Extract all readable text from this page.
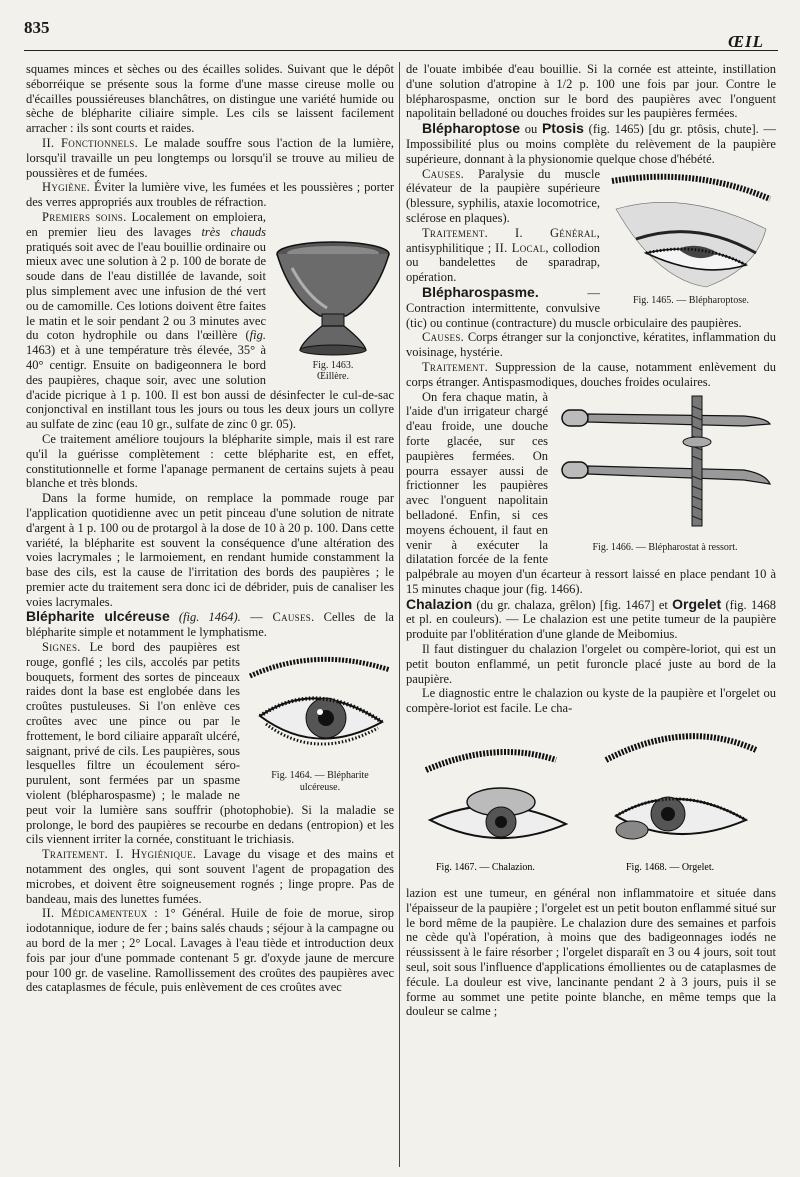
835
ŒIL

squames minces et sèches ou des écailles solides. Suivant que le dépôt séborréique se présente sous la forme d'une masse cireuse molle ou d'écailles poussiéreuses blanchâtres, on distingue une variété humide ou sèche de blépharite ciliaire simple. Les cils se laissent facilement arracher : ils sont courts et raides.

II. Fonctionnels. Le malade souffre sous l'action de la lumière, lorsqu'il travaille un peu longtemps ou lorsqu'il se trouve au milieu de poussières et de fumées.

Hygiène. Éviter la lumière vive, les fumées et les poussières ; porter des verres appropriés aux troubles de réfraction.

Fig. 1463.
Œillère.

Premiers soins. Localement on emploiera, en premier lieu des lavages très chauds pratiqués soit avec de l'eau bouillie ordinaire ou mieux avec une solution à 2 p. 100 de borate de soude dans de l'eau distillée de lavande, soit plus simplement avec une infusion de thé vert ou de camomille. Ces lotions doivent être faites le matin et le soir pendant 2 ou 3 minutes avec du coton hydrophile ou dans l'œillère (fig. 1463) et à une température très élevée, 35° à 40° centigr. Ensuite on badigeonnera le bord des paupières, chaque soir, avec une solution d'acide picrique à 1 p. 100. Il est bon aussi de désinfecter le cul-de-sac conjonctival en instillant tous les jours ou tous les deux jours un collyre au sulfate de zinc (eau 10 gr., sulfate de zinc 0 gr. 05).

Ce traitement améliore toujours la blépharite simple, mais il est rare qu'il la guérisse complètement : cette blépharite est, en effet, constitutionnelle et forme l'apanage permanent de certains sujets à peau blanche et très blonds.

Dans la forme humide, on remplace la pommade rouge par l'application quotidienne avec un petit pinceau d'une solution de nitrate d'argent à 1 p. 100 ou de protargol à la dose de 10 à 20 p. 100. Dans cette variété, la blépharite est souvent la conséquence d'une altération des voies lacrymales ; le larmoiement, en rendant humide constamment la base des cils, est la cause de l'irritation des bords des paupières ; le premier acte du traitement sera donc ici de débrider, puis de canaliser les voies lacrymales.

Blépharite ulcéreuse (fig. 1464). — Causes. Celles de la blépharite simple et notamment le lymphatisme.

Fig. 1464. — Blépharite
ulcéreuse.

Signes. Le bord des paupières est rouge, gonflé ; les cils, accolés par petits bouquets, forment des sortes de pinceaux raides dont la base est englobée dans les croûtes pustuleuses. Si l'on enlève ces croûtes avec une pince ou par le frottement, le bord ciliaire apparaît ulcéré, saignant, privé de cils. Les paupières, sous lesquelles filtre un écoulement séro-purulent, sont fermées par un spasme violent (blépharospasme) ; le malade ne peut voir la lumière sans souffrir (photophobie). Si la maladie se prolonge, le bord des paupières se recourbe en dedans (entropion) et les cils viennent irriter la cornée, constituant le trichiasis.

Traitement. I. Hygiénique. Lavage du visage et des mains et notamment des ongles, qui sont souvent l'agent de propagation des microbes, et doivent être soigneusement rognés ; linge propre. Pas de bandeau, mais des lunettes fumées.

II. Médicamenteux : 1° Général. Huile de foie de morue, sirop iodotannique, iodure de fer ; bains salés chauds ; séjour à la campagne ou au bord de la mer ; 2° Local. Lavages à l'eau tiède et introduction deux fois par jour d'une pommade contenant 5 gr. d'oxyde jaune de mercure pour 100 gr. de vaseline. Ramollissement des croûtes des paupières avec des cataplasmes de fécule, puis enlèvement de ces croûtes avec

de l'ouate imbibée d'eau bouillie. Si la cornée est atteinte, instillation d'une solution d'atropine à 1/2 p. 100 une fois par jour. Contre le blépharospasme, onction sur le bord des paupières avec l'onguent napolitain belladoné ou douches froides sur les paupières fermées.

Blépharoptose ou Ptosis (fig. 1465) [du gr. ptôsis, chute]. — Impossibilité plus ou moins complète du relèvement de la paupière supérieure, donnant à la physionomie quelque chose d'hébété.

Fig. 1465. — Blépharoptose.

Causes. Paralysie du muscle élévateur de la paupière supérieure (blessure, syphilis, ataxie locomotrice, sclérose en plaques).

Traitement. I. Général, antisyphilitique ; II. Local, collodion ou bandelettes de sparadrap, opération.

Blépharospasme. — Contraction intermittente, convulsive (tic) ou continue (contracture) du muscle orbiculaire des paupières.

Causes. Corps étranger sur la conjonctive, kératites, inflammation du voisinage, hystérie.

Traitement. Suppression de la cause, notamment enlèvement du corps étranger. Antispasmodiques, douches froides oculaires.

Fig. 1466. — Blépharostat à ressort.

On fera chaque matin, à l'aide d'un irrigateur chargé d'eau froide, une douche forte glacée, sur ces paupières fermées. On pourra essayer aussi de frictionner les paupières avec l'onguent napolitain belladoné. Enfin, si ces moyens échouent, il faut en venir à exécuter la dilatation forcée de la fente palpébrale au moyen d'un écarteur à ressort laissé en place pendant 10 à 15 minutes chaque jour (fig. 1466).

Chalazion (du gr. chalaza, grêlon) [fig. 1467] et Orgelet (fig. 1468 et pl. en couleurs). — Le chalazion est une petite tumeur de la paupière produite par l'oblitération d'une glande de Meibomius.

Il faut distinguer du chalazion l'orgelet ou compère-loriot, qui est un petit bouton enflammé, un petit furoncle placé juste au bord de la paupière.

Le diagnostic entre le chalazion ou kyste de la paupière et l'orgelet ou compère-loriot est facile. Le cha-

Fig. 1467. — Chalazion.	Fig. 1468. — Orgelet.

lazion est une tumeur, en général non inflammatoire et située dans l'épaisseur de la paupière ; l'orgelet est un petit bouton enflammé situé sur le bord même de la paupière. Le chalazion dure des semaines et parfois ne cède qu'à l'opération, à moins que des badigeonnages iodés ne réussissent à le faire résorber ; l'orgelet disparaît en 3 ou 4 jours, soit tout seul, soit sous l'influence d'applications émollientes ou de cataplasmes de fécule. La douleur est vive, lancinante pendant 2 à 3 jours, puis il se forme au sommet une petite pointe blanche, en même temps que la douleur se calme ;
